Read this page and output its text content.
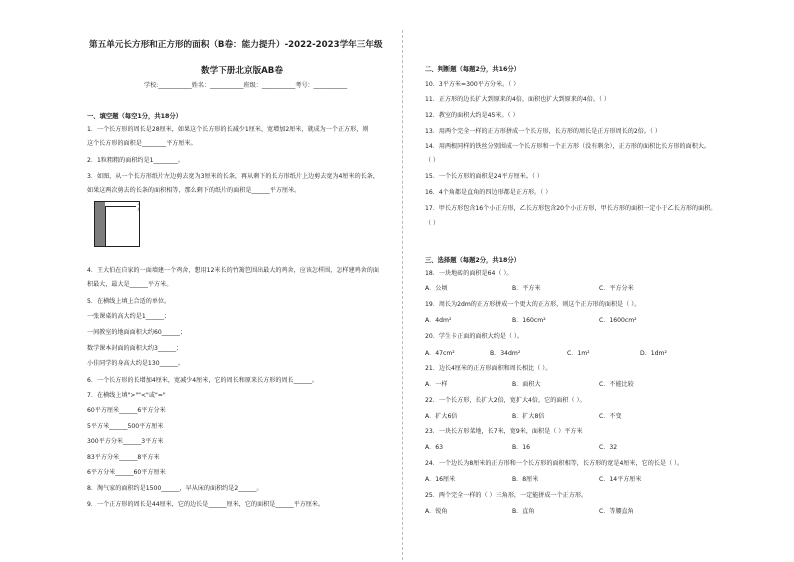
第五单元长方形和正方形的面积（B卷：能力提升）-2022-2023学年三年级
数学下册北京版AB卷
学校:___________姓名：___________班级：___________考号：___________
一、填空题（每空1分，共18分）
1．一个长方形的周长是28厘米，如果这个长方形的长减少1厘米，宽增加2厘米，就成为一个正方形，则
这个长方形的面积是________平方厘米。
2．1粒粗粗的面积约是1________。
3．如图，从一个长方形纸片左边剪去宽为3厘米的长条，再从剩下的长方形纸片上边剪去宽为4厘米的长条，
如果这两次剪去的长条的面积相等，那么剩下的纸片的面积是______平方厘米。
3
4
4．王大伯在自家的一面墙建一个鸡舍，想用12米长的竹篱笆围出最大的鸡舍，应该怎样围，怎样建鸡舍的面
积最大，最大是______平方米。
5．在横线上填上合适的单位。
一张课桌的高大约是1______；
一间教室的地面面积大约60______；
数学课本封面的面积大约3______；
小佳同学的身高大约是130______。
6．一个长方形的长增加4厘米，宽减少4厘米，它的周长和原来长方形的周长______。
7．在横线上填">""<"或"="
60平方厘米______6平方分米
5平方米______500平方厘米
300平方分米______3平方米
83平方分米______8平方米
6平方分米______60平方厘米
8．淘气家的面积约是1500______，早从床的面积约是2______。
9．一个正方形的周长是44厘米，它的边长是______厘米，它的面积是______平方厘米。
二、判断题（每题2分，共16分）
10．3平方米=300平方分米。（ ）
11．正方形的边长扩大到原来的4倍，面积也扩大到原来的4倍。（ ）
12．教室的面积大约是45米。（ ）
13．用两个完全一样的正方形拼成一个长方形，长方形的周长是正方形周长的2倍。（ ）
14．用两根同样的铁丝分别围成一个长方形和一个正方形（没有剩余），正方形的面积比长方形的面积大。
（ ）
15．一个长方形的面积是24平方厘米。（ ）
16．4个角都是直角的四边形都是正方形。（ ）
17．甲长方形包含16个小正方形，乙长方形包含20个小正方形，甲长方形的面积一定小于乙长方形的面积。
（ ）
三、选择题（每题2分，共18分）
18．一块地砖的面积是64（ ）。
A．公顷	B．平方米	C．平方分米
19．周长为2dm的正方形拼成一个更大的正方形，则这个正方形的面积是（ ）。
A．4dm²	B．160cm²	C．1600cm²
20．学生卡正面的面积大约是（ ）。
A．47cm²	B．34dm²	C．1m²	D．1dm²
21．边长4厘米的正方形面积和周长相比（ ）。
A．一样	B．面积大	C．不能比较
22．一个长方形，长扩大2倍，宽扩大4倍，它的面积（ ）。
A．扩大6倍	B．扩大8倍	C．不变
23．一块长方形菜地，长7米，宽9米，面积是（ ）平方米
A．63	B．16	C．32
24．一个边长为8厘米的正方形和一个长方形的面积相等，长方形的宽是4厘米，它的长是（ ）。
A．16厘米	B．8厘米	C．14平方厘米
25．两个完全一样的（ ）三角形，一定能拼成一个正方形。
A．锐角	B．直角	C．等腰直角
